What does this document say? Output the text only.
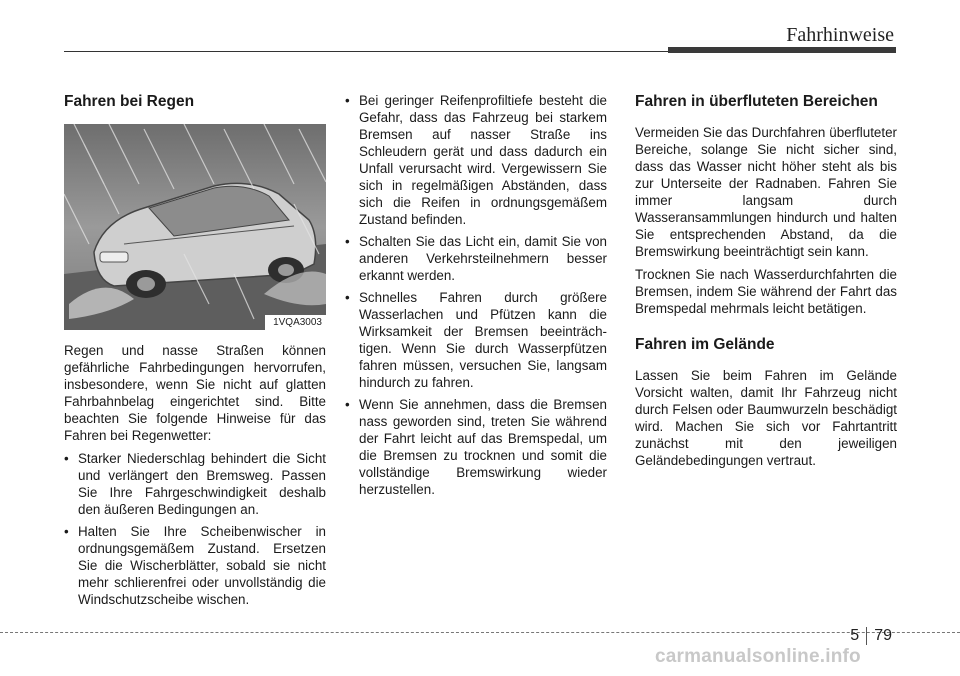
Fahrhinweise
Fahren bei Regen
1VQA3003

Regen und nasse Straßen können gefährliche Fahrbedingungen hervorrufen, insbesondere, wenn Sie nicht auf glatten Fahrbahnbelag eingerichtet sind. Bitte beachten Sie folgende Hinweise für das Fahren bei Regenwetter:

• Starker Niederschlag behindert die Sicht und verlängert den Bremsweg. Passen Sie Ihre Fahrgeschwindigkeit deshalb den äußeren Bedingungen an.
• Halten Sie Ihre Scheibenwischer in ordnungsgemäßem Zustand. Ersetzen Sie die Wischerblätter, sobald sie nicht mehr schlierenfrei oder unvollständig die Windschutzscheibe wischen.
• Bei geringer Reifenprofiltiefe besteht die Gefahr, dass das Fahrzeug bei starkem Bremsen auf nasser Straße ins Schleudern gerät und dass dadurch ein Unfall verursacht wird. Vergewissern Sie sich in regelmäßigen Abständen, dass sich die Reifen in ordnungsgemäßem Zustand befinden.
• Schalten Sie das Licht ein, damit Sie von anderen Verkehrsteilnehmern besser erkannt werden.
• Schnelles Fahren durch größere Wasserlachen und Pfützen kann die Wirksamkeit der Bremsen beeinträchtigen. Wenn Sie durch Wasserpfützen fahren müssen, versuchen Sie, langsam hindurch zu fahren.
• Wenn Sie annehmen, dass die Bremsen nass geworden sind, treten Sie während der Fahrt leicht auf das Bremspedal, um die Bremsen zu trocknen und somit die vollständige Bremswirkung wieder herzustellen.
Fahren in überfluteten Bereichen

Vermeiden Sie das Durchfahren überfluteter Bereiche, solange Sie nicht sicher sind, dass das Wasser nicht höher steht als bis zur Unterseite der Radnaben. Fahren Sie immer langsam durch Wasseransammlungen hindurch und halten Sie entsprechenden Abstand, da die Bremswirkung beeinträchtigt sein kann.

Trocknen Sie nach Wasserdurchfahrten die Bremsen, indem Sie während der Fahrt das Bremspedal mehrmals leicht betätigen.

Fahren im Gelände

Lassen Sie beim Fahren im Gelände Vorsicht walten, damit Ihr Fahrzeug nicht durch Felsen oder Baumwurzeln beschädigt wird. Machen Sie sich vor Fahrtantritt zunächst mit den jeweiligen Geländebedingungen vertraut.

5 79
carmanualsonline.info
